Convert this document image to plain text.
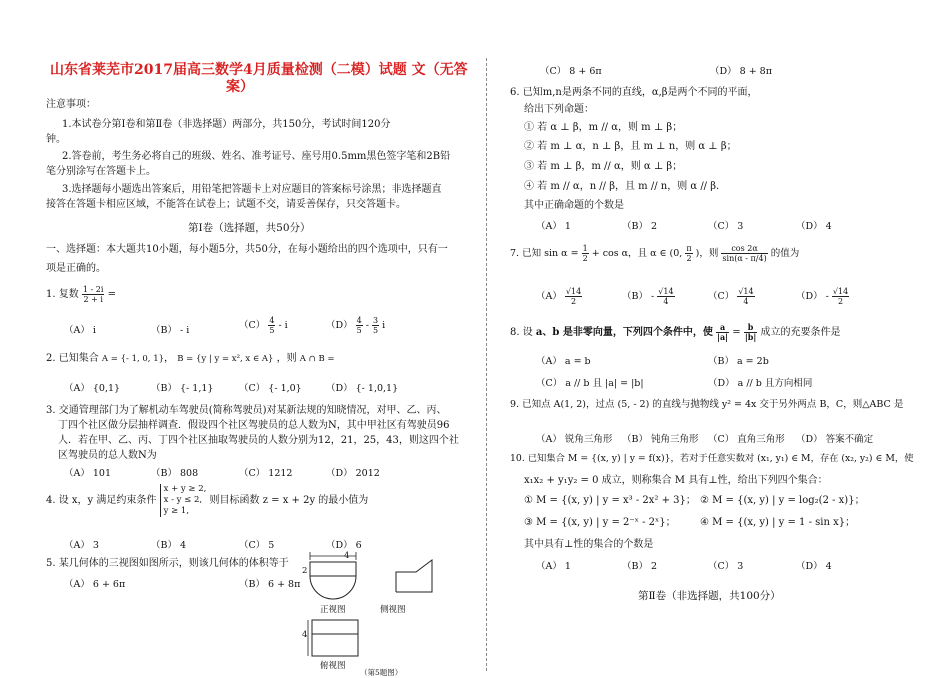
山东省莱芜市2017届高三数学4月质量检测（二模）试题 文（无答
案）
注意事项：
1.本试卷分第Ⅰ卷和第Ⅱ卷（非选择题）两部分，共150分，考试时间120分
钟。
2.答卷前，考生务必将自己的班级、姓名、准考证号、座号用0.5mm黑色签字笔和2B铅
笔分别涂写在答题卡上。
3.选择题每小题选出答案后，用铅笔把答题卡上对应题目的答案标号涂黑；非选择题直
接答在答题卡相应区域，不能答在试卷上；试题不交，请妥善保存，只交答题卡。
第Ⅰ卷（选择题，共50分）
一、选择题：本大题共10小题，每小题5分，共50分，在每小题给出的四个选项中，只有一
项是正确的。
1. 复数 $\frac{1 - 2i}{2 + i}$ =
（A） i	（B） - i	$(C) \frac{4}{5}$ - i	$(D) \frac{4}{5} - \frac{3}{5}$ i
2. 已知集合 A = {- 1, 0, 1}， B = {y | y = x², x ∈ A} ，则 A ∩ B =
（A） {0,1}	（B） {- 1,1}	（C） {- 1,0}	（D） {- 1,0,1}
3. 交通管理部门为了解机动车驾驶员(简称驾驶员)对某新法规的知晓情况，对甲、乙、丙、
丁四个社区做分层抽样调查．假设四个社区驾驶员的总人数为N，其中甲社区有驾驶员96
人．若在甲、乙、丙、丁四个社区抽取驾驶员的人数分别为12，21，25，43，则这四个社
区驾驶员的总人数N为
（A） 101	（B） 808	（C） 1212	（D） 2012
4. 设 x，y 满足约束条件
x + y ≥ 2,
x - y ≤ 2,
y ≥ 1,
则目标函数 z = x + 2y 的最小值为
（A） 3	（B） 4	（C） 5	（D） 6
5. 某几何体的三视图如图所示，则该几何体的体积等于
（A） 6 + 6π	（B） 6 + 8π
4
2
4
正视图	侧视图
俯视图
（第5题图）
（C） 8 + 6π	（D） 8 + 8π
6. 已知m,n是两条不同的直线，α,β是两个不同的平面，
给出下列命题：
① 若 α ⊥ β，m // α，则 m ⊥ β；
② 若 m ⊥ α，n ⊥ β，且 m ⊥ n，则 α ⊥ β；
③ 若 m ⊥ β，m // α，则 α ⊥ β；
④ 若 m // α，n // β，且 m // n，则 α // β.
其中正确命题的个数是
（A） 1	（B） 2	（C） 3	（D） 4
7. 已知 $\sin \alpha = \frac{1}{2} + \cos \alpha$，且 α ∈ (0, $\frac{\pi}{2}$ )，则 $\frac{\cos 2\alpha}{\sin(\alpha - \pi/4)}$ 的值为
$(A) \frac{√14}{2}$	$(B) - \frac{√14}{4}$	$(C) \frac{√14}{4}$	$(D) - \frac{√14}{2}$
8. 设 a、b 是非零向量，下列四个条件中，使 $\frac{a}{|a|} = \frac{b}{|b|}$ 成立的充要条件是
（A） a = b	（B） a = 2b
（C） a // b 且 |a| = |b|	（D） a // b 且方向相同
9. 已知点 A(1, 2)，过点 (5, - 2) 的直线与抛物线 y² = 4x 交于另外两点 B，C，则△ABC 是
（A） 锐角三角形 （B） 钝角三角形 （C） 直角三角形 （D） 答案不确定
10. 已知集合 M = {(x, y) | y = f(x)}，若对于任意实数对 (x₁, y₁) ∈ M，存在 (x₂, y₂) ∈ M，使
x₁x₂ + y₁y₂ = 0 成立，则称集合 M 具有⊥性，给出下列四个集合：
① M = {(x, y) | y = x³ - 2x² + 3}； ② M = {(x, y) | y = log₂(2 - x)}；
③ M = {(x, y) | y = 2⁻ˣ - 2ˣ}； ④ M = {(x, y) | y = 1 - sin x}；
其中具有⊥性的集合的个数是
（A） 1	（B） 2	（C） 3	（D） 4
第Ⅱ卷（非选择题，共100分）
